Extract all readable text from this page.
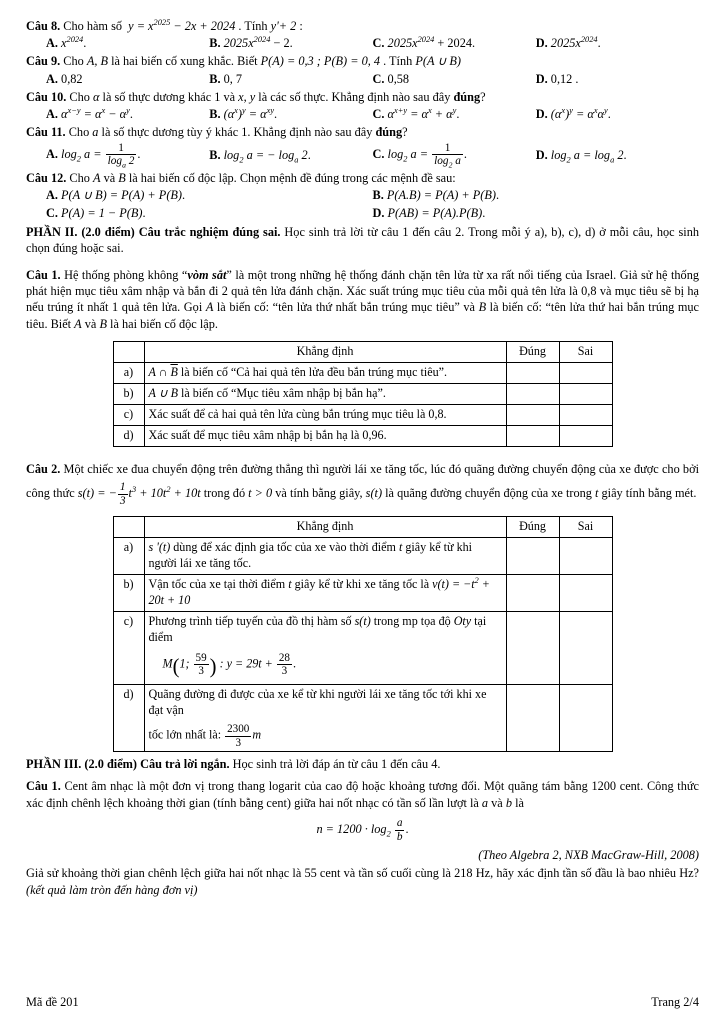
Câu 8. Cho hàm số  $y = x^{2025} - 2x + 2024$ . Tính y'+ 2 :
A. $x^{2024}$.	B. $2025x^{2024} - 2$.	C. $2025x^{2024} + 2024$.	D. $2025x^{2024}$.
Câu 9. Cho A, B là hai biến cố xung khắc. Biết P(A) = 0,3 ; P(B) = 0, 4 . Tính P(A ∪ B)
A. 0,82	B. 0, 7	C. 0,58	D. 0,12 .
Câu 10. Cho α là số thực dương khác 1 và x, y là các số thực. Khẳng định nào sau đây đúng?
A. $\alpha^{x-y} = \alpha^x - \alpha^y$.	B. $(\alpha^x)^y = \alpha^{xy}$.	C. $\alpha^{x+y} = \alpha^x + \alpha^y$.	D. $(\alpha^x)^y = \alpha^x\alpha^y$.
Câu 11. Cho a là số thực dương tùy ý khác 1. Khẳng định nào sau đây đúng?
A. $\log_2 a = \frac{1}{\log_a 2}$ .	B. $\log_2 a$ = − $\log_a 2$.	C. $\log_2 a = \frac{1}{\log_2 a}$ .	D. $\log_2 a = \log_a 2$.
Câu 12. Cho A và B là hai biến cố độc lập. Chọn mệnh đề đúng trong các mệnh đề sau:
A. P(A ∪ B) = P(A) + P(B).	B. P(A.B) = P(A) + P(B).
C. P(A) = 1 − P(B).	D. P(AB) = P(A).P(B).
PHẦN II. (2.0 điểm) Câu trắc nghiệm đúng sai. Học sinh trả lời từ câu 1 đến câu 2. Trong mỗi ý a), b), c), d) ở mỗi câu, học sinh chọn đúng hoặc sai.
Câu 1. Hệ thống phòng không “vòm sắt” là một trong những hệ thống đánh chặn tên lửa từ xa rất nổi tiếng của Israel. Giả sử hệ thống phát hiện mục tiêu xâm nhập và bắn đi 2 quả tên lửa đánh chặn. Xác suất trúng mục tiêu của mỗi quả tên lửa là 0,8 và mục tiêu sẽ bị hạ nếu trúng ít nhất 1 quả tên lửa. Gọi A là biến cố: “tên lửa thứ nhất bắn trúng mục tiêu” và B là biến cố: “tên lửa thứ hai bắn trúng mục tiêu. Biết A và B là hai biến cố độc lập.
	Khẳng định	Đúng	Sai
a)	A ∩ $\overline{B}$ là biến cố “Cả hai quả tên lửa đều bắn trúng mục tiêu”.		
b)	A ∪ B là biến cố “Mục tiêu xâm nhập bị bắn hạ”.		
c)	Xác suất để cả hai quả tên lửa cùng bắn trúng mục tiêu là 0,8.		
d)	Xác suất để mục tiêu xâm nhập bị bắn hạ là 0,96.		
Câu 2. Một chiếc xe đua chuyển động trên đường thẳng thì người lái xe tăng tốc, lúc đó quãng đường chuyển động của xe được cho bởi công thức s(t) = − $\frac{1}{3} t^3 + 10t^2 + 10t$ trong đó t > 0 và tính bằng giây, s(t) là quãng đường chuyển động của xe trong t giây tính bằng mét.
	Khẳng định	Đúng	Sai
a)	s '(t) dùng để xác định gia tốc của xe vào thời điểm t giây kể từ khi người lái xe tăng tốc.		
b)	Vận tốc của xe tại thời điểm t giây kể từ khi xe tăng tốc là $v(t) = -t^2 + 20t + 10$		
c)	Phương trình tiếp tuyến của đồ thị hàm số s(t) trong mp tọa độ Oty tại điểm
M(1; $\frac{59}{3}$ ) : $y = 29t + \frac{28}{3}$ .

d)	Quãng đường đi được của xe kể từ khi người lái xe tăng tốc tới khi xe đạt vận
tốc lớn nhất là: $\frac{2300}{3}$ m		

PHẦN III. (2.0 điểm) Câu trả lời ngắn. Học sinh trả lời đáp án từ câu 1 đến câu 4.
Câu 1. Cent âm nhạc là một đơn vị trong thang logarit của cao độ hoặc khoảng tương đối. Một quãng tám bằng 1200 cent. Công thức xác định chênh lệch khoảng thời gian (tính bằng cent) giữa hai nốt nhạc có tần số lần lượt là a và b là
$n = 1200 \cdot \log_2 \frac{a}{b}$ .
(Theo Algebra 2, NXB MacGraw-Hill, 2008)
Giả sử khoảng thời gian chênh lệch giữa hai nốt nhạc là 55 cent và tần số cuối cùng là 218 Hz, hãy xác định tần số đầu là bao nhiêu Hz? (kết quả làm tròn đến hàng đơn vị)
Mã đề 201	Trang 2/4
